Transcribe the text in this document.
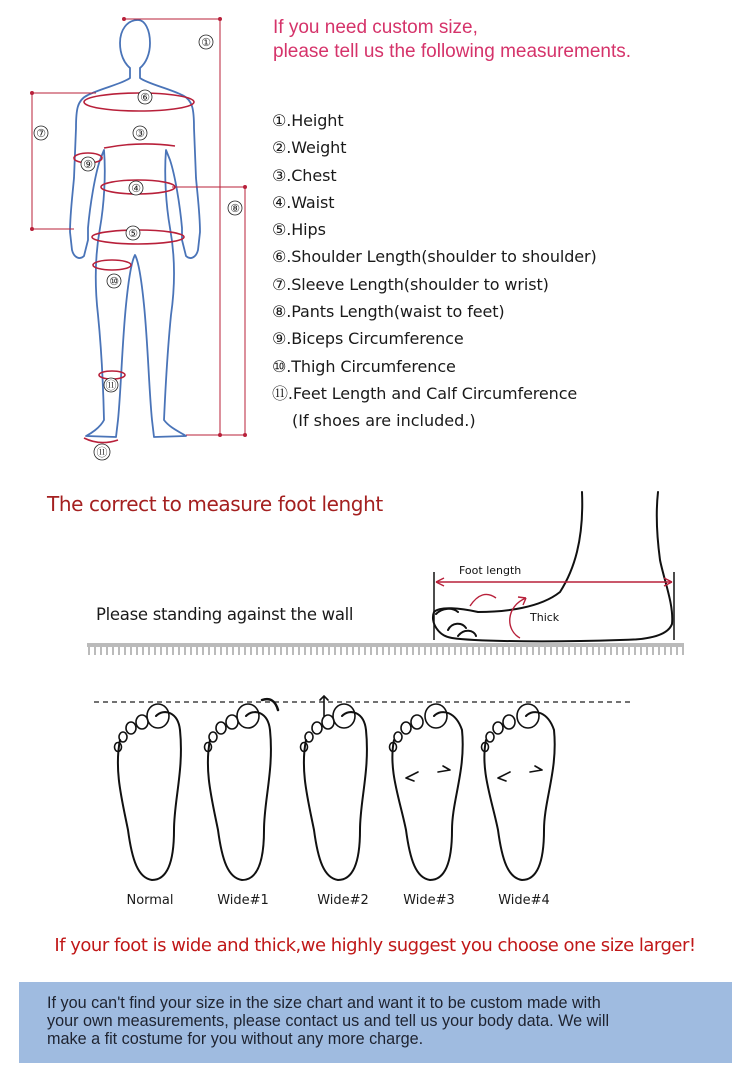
①
⑥
⑦	③
⑨
④
⑧
⑤
⑩
⑪
⑪
If you need custom size,
please tell us the following measurements.
①.Height
②.Weight
③.Chest
④.Waist
⑤.Hips
⑥.Shoulder Length(shoulder to shoulder)
⑦.Sleeve Length(shoulder to wrist)
⑧.Pants Length(waist to feet)
⑨.Biceps Circumference
⑩.Thigh Circumference
⑪.Feet Length and Calf Circumference
(If shoes are included.)
The correct to measure foot lenght
Foot length
Thick
Please standing against the wall
Normal	Wide#1	Wide#2	Wide#3	Wide#4
If your foot is wide and thick,we highly suggest you choose one size larger!

If you can't find your size in the size chart and want it to be custom made with

your own measurements, please contact us and tell us your body data. We will

make a fit costume for you without any more charge.
